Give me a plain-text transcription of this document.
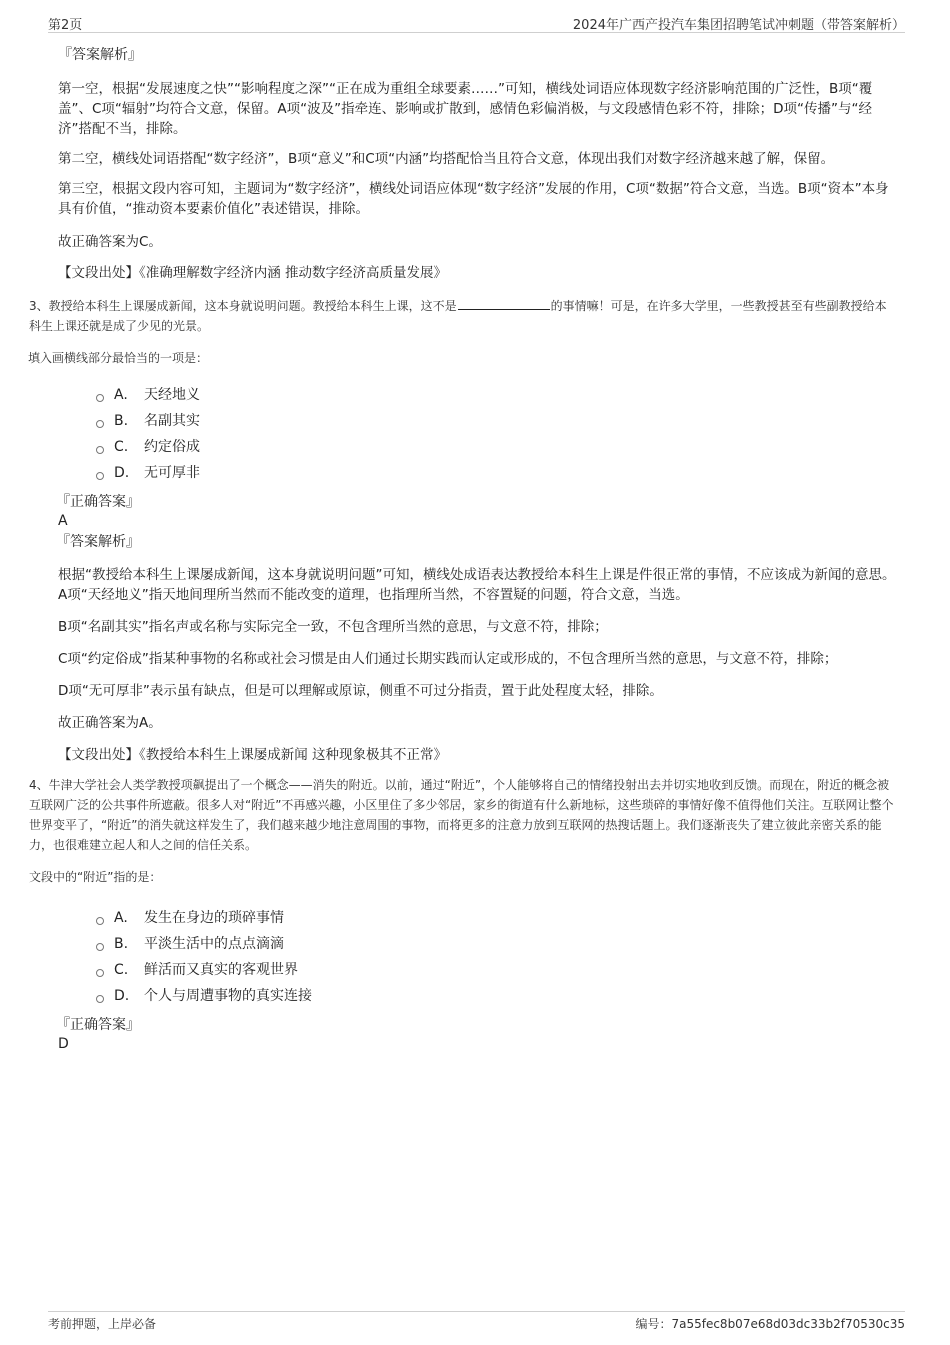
第2页	2024年广西产投汽车集团招聘笔试冲刺题（带答案解析）

『答案解析』

第一空，根据“发展速度之快”“影响程度之深”“正在成为重组全球要素……”可知，横线处词语应体现数字经济影响范围的广泛性，B项“覆盖”、C项“辐射”均符合文意，保留。A项“波及”指牵连、影响或扩散到，感情色彩偏消极，与文段感情色彩不符，排除；D项“传播”与“经济”搭配不当，排除。

第二空，横线处词语搭配“数字经济”，B项“意义”和C项“内涵”均搭配恰当且符合文意，体现出我们对数字经济越来越了解，保留。

第三空，根据文段内容可知，主题词为“数字经济”，横线处词语应体现“数字经济”发展的作用，C项“数据”符合文意，当选。B项“资本”本身具有价值，“推动资本要素价值化”表述错误，排除。

故正确答案为C。

【文段出处】《准确理解数字经济内涵 推动数字经济高质量发展》

3、教授给本科生上课屡成新闻，这本身就说明问题。教授给本科生上课，这不是	的事情嘛！可是，在许多大学里，一些教授甚至有些副教授给本科生上课还就是成了少见的光景。

填入画横线部分最恰当的一项是：

A.	天经地义
B.	名副其实
C.	约定俗成
D.	无可厚非

『正确答案』

A

『答案解析』

根据“教授给本科生上课屡成新闻，这本身就说明问题”可知，横线处成语表达教授给本科生上课是件很正常的事情，不应该成为新闻的意思。A项“天经地义”指天地间理所当然而不能改变的道理，也指理所当然，不容置疑的问题，符合文意，当选。

B项“名副其实”指名声或名称与实际完全一致，不包含理所当然的意思，与文意不符，排除；

C项“约定俗成”指某种事物的名称或社会习惯是由人们通过长期实践而认定或形成的，不包含理所当然的意思，与文意不符，排除；

D项“无可厚非”表示虽有缺点，但是可以理解或原谅，侧重不可过分指责，置于此处程度太轻，排除。

故正确答案为A。

【文段出处】《教授给本科生上课屡成新闻 这种现象极其不正常》

4、牛津大学社会人类学教授项飙提出了一个概念——消失的附近。以前，通过“附近”，个人能够将自己的情绪投射出去并切实地收到反馈。而现在，附近的概念被互联网广泛的公共事件所遮蔽。很多人对“附近”不再感兴趣，小区里住了多少邻居，家乡的街道有什么新地标，这些琐碎的事情好像不值得他们关注。互联网让整个世界变平了，“附近”的消失就这样发生了，我们越来越少地注意周围的事物，而将更多的注意力放到互联网的热搜话题上。我们逐渐丧失了建立彼此亲密关系的能力，也很难建立起人和人之间的信任关系。

文段中的“附近”指的是：

A.	发生在身边的琐碎事情
B.	平淡生活中的点点滴滴
C.	鲜活而又真实的客观世界
D.	个人与周遭事物的真实连接

『正确答案』

D

考前押题，上岸必备	编号：7a55fec8b07e68d03dc33b2f70530c35
